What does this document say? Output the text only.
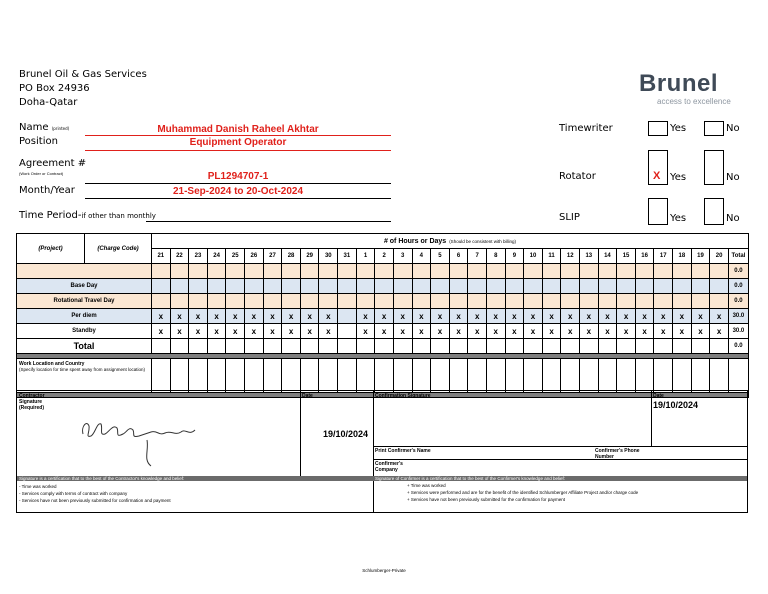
Brunel Oil & Gas Services
PO Box 24936
Doha-Qatar
Brunel
access to excellence
Name (printed)	Muhammad Danish Raheel Akhtar
Position	Equipment Operator
Agreement #
(Work Order or Contract)	PL1294707-1
Month/Year	21-Sep-2024 to 20-Oct-2024
Time Period-if other than monthly
Timewriter	Yes	No
Rotator	X Yes	No
SLIP	Yes	No
(Project)	(Charge Code)	# of Hours or Days (Should be consistent with billing)																															
		21	22	23	24	25	26	27	28	29	30	31	1	2	3	4	5	6	7	8	9	10	11	12	13	14	15	16	17	18	19	20	Total
																																	0.0
Base Day																																	0.0
Rotational Travel Day																																	0.0
Per diem		x	x	x	x	x	x	x	x	x	x		x	x	x	x	x	x	x	x	x	x	x	x	x	x	x	x	x	x	x	x	30.0
Standby		x	x	x	x	x	x	x	x	x	x		x	x	x	x	x	x	x	x	x	x	x	x	x	x	x	x	x	x	x	x	30.0
Total																																	0.0

Work Location and Country
(Specify location for time spent away from assignment location)																																	

Contractor Signature (Required)
Date
19/10/2024
Confirmation Signature	Date
19/10/2024
Print Confirmer's Name	Confirmer's Phone Number
Confirmer's Company
Signature is a certification that to the best of the Contractor's knowledge and belief:	Signature of Confirmer is a certification that to the best of the Confirmer's knowledge and belief:
- Time was worked
- Services comply with terms of contract with company
- Services have not been previously submitted for confirmation and payment
+ Time was worked
+ Services were performed and are for the benefit of the identified Schlumberger Affiliate Project and/or charge code
+ Services have not been previously submitted for the confirmation for payment
Schlumberger-Private
